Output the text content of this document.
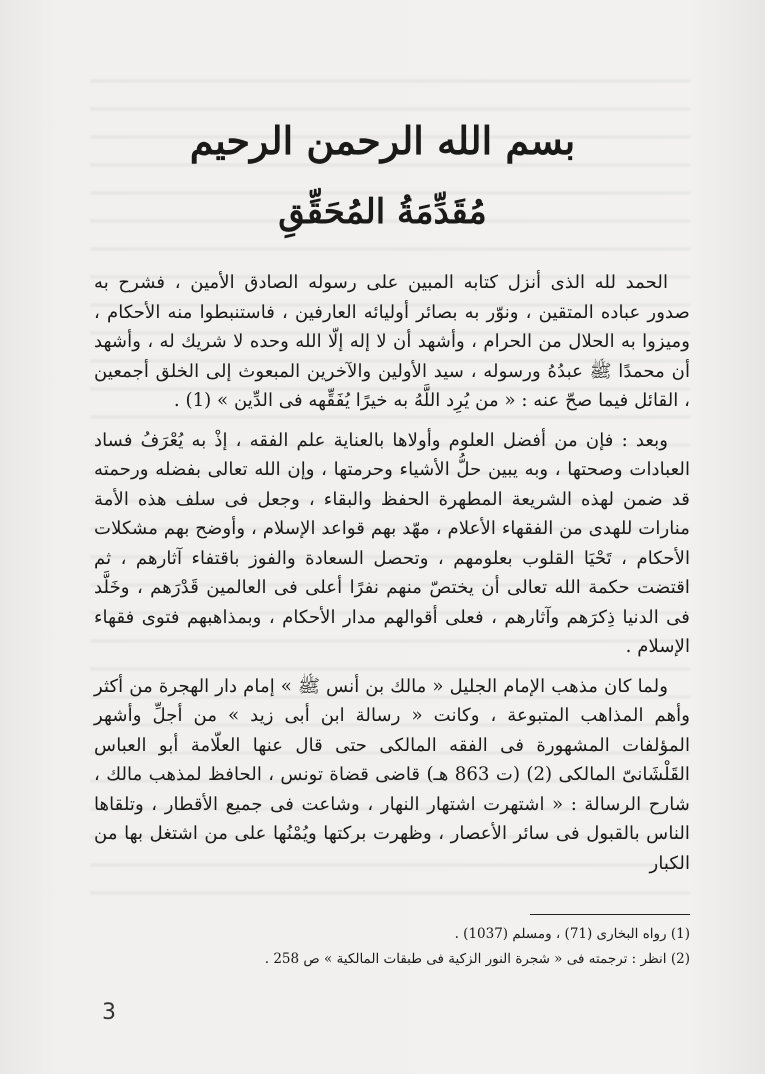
بسم الله الرحمن الرحيم
مُقَدِّمَةُ المُحَقِّقِ

الحمد لله الذى أنزل كتابه المبين على رسوله الصادق الأمين ، فشرح به صدور عباده المتقين ، ونوّر به بصائر أوليائه العارفين ، فاستنبطوا منه الأحكام ، وميزوا به الحلال من الحرام ، وأشهد أن لا إله إلّا الله وحده لا شريك له ، وأشهد أن محمدًا ﷺ عبدُهُ ورسوله ، سيد الأولين والآخرين المبعوث إلى الخلق أجمعين ، القائل فيما صحّ عنه : « من يُرِد اللَّهُ به خيرًا يُفَقِّهه فى الدِّين » (1) .

وبعد : فإن من أفضل العلوم وأولاها بالعناية علم الفقه ، إذْ به يُعْرَفُ فساد العبادات وصحتها ، وبه يبين حلُّ الأشياء وحرمتها ، وإن الله تعالى بفضله ورحمته قد ضمن لهذه الشريعة المطهرة الحفظ والبقاء ، وجعل فى سلف هذه الأمة منارات للهدى من الفقهاء الأعلام ، مهّد بهم قواعد الإسلام ، وأوضح بهم مشكلات الأحكام ، تَحْيَا القلوب بعلومهم ، وتحصل السعادة والفوز باقتفاء آثارهم ، ثم اقتضت حكمة الله تعالى أن يختصّ منهم نفرًا أعلى فى العالمين قَدْرَهم ، وخَلَّد فى الدنيا ذِكرَهم وآثارهم ، فعلى أقوالهم مدار الأحكام ، وبمذاهبهم فتوى فقهاء الإسلام .

ولما كان مذهب الإمام الجليل « مالك بن أنس ﷺ » إمام دار الهجرة من أكثر وأهم المذاهب المتبوعة ، وكانت « رسالة ابن أبى زيد » من أجلِّ وأشهر المؤلفات المشهورة فى الفقه المالكى حتى قال عنها العلّامة أبو العباس القَلْشَانىّ المالكى (2) (ت 863 هـ) قاضى قضاة تونس ، الحافظ لمذهب مالك ، شارح الرسالة : « اشتهرت اشتهار النهار ، وشاعت فى جميع الأقطار ، وتلقاها الناس بالقبول فى سائر الأعصار ، وظهرت بركتها ويُمْنُها على من اشتغل بها من الكبار

(1) رواه البخارى (71) ، ومسلم (1037) .
(2) انظر : ترجمته فى « شجرة النور الزكية فى طبقات المالكية » ص 258 .
3
